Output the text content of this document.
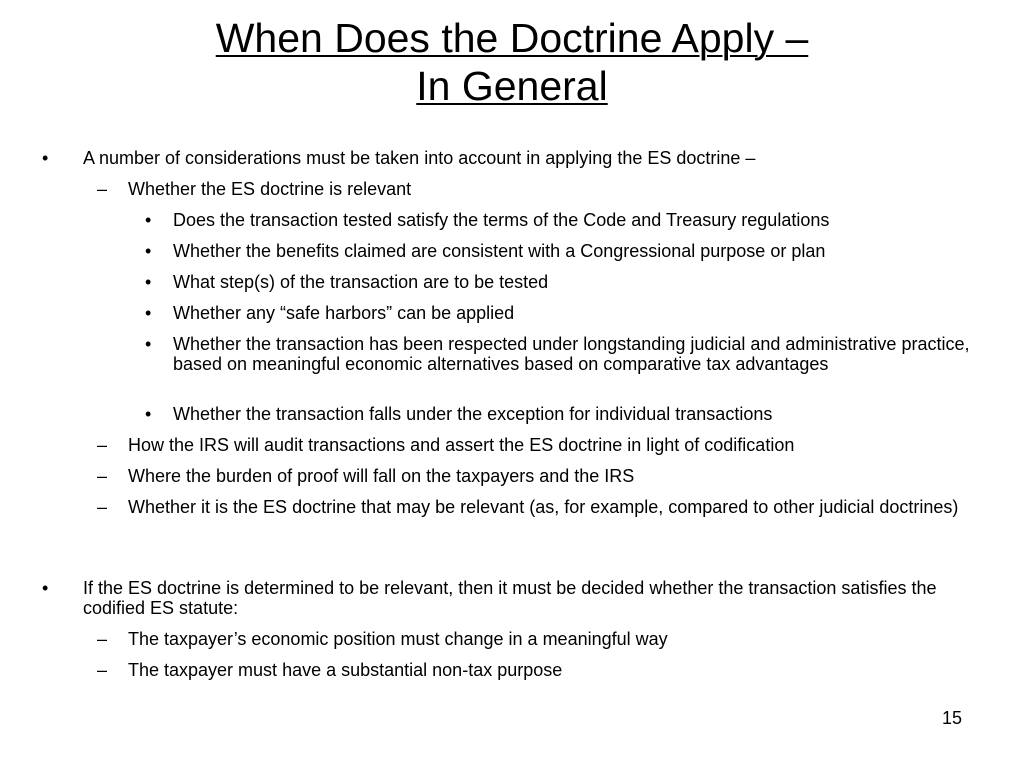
When Does the Doctrine Apply –
In General
• A number of considerations must be taken into account in applying the ES doctrine –
– Whether the ES doctrine is relevant
• Does the transaction tested satisfy the terms of the Code and Treasury regulations
• Whether the benefits claimed are consistent with a Congressional purpose or plan
• What step(s) of the transaction are to be tested
• Whether any “safe harbors” can be applied
• Whether the transaction has been respected under longstanding judicial and administrative practice, based on meaningful economic alternatives based on comparative tax advantages
• Whether the transaction falls under the exception for individual transactions
– How the IRS will audit transactions and assert the ES doctrine in light of codification
– Where the burden of proof will fall on the taxpayers and the IRS
– Whether it is the ES doctrine that may be relevant (as, for example, compared to other judicial doctrines)
• If the ES doctrine is determined to be relevant, then it must be decided whether the transaction satisfies the codified ES statute:
– The taxpayer’s economic position must change in a meaningful way
– The taxpayer must have a substantial non-tax purpose
15
